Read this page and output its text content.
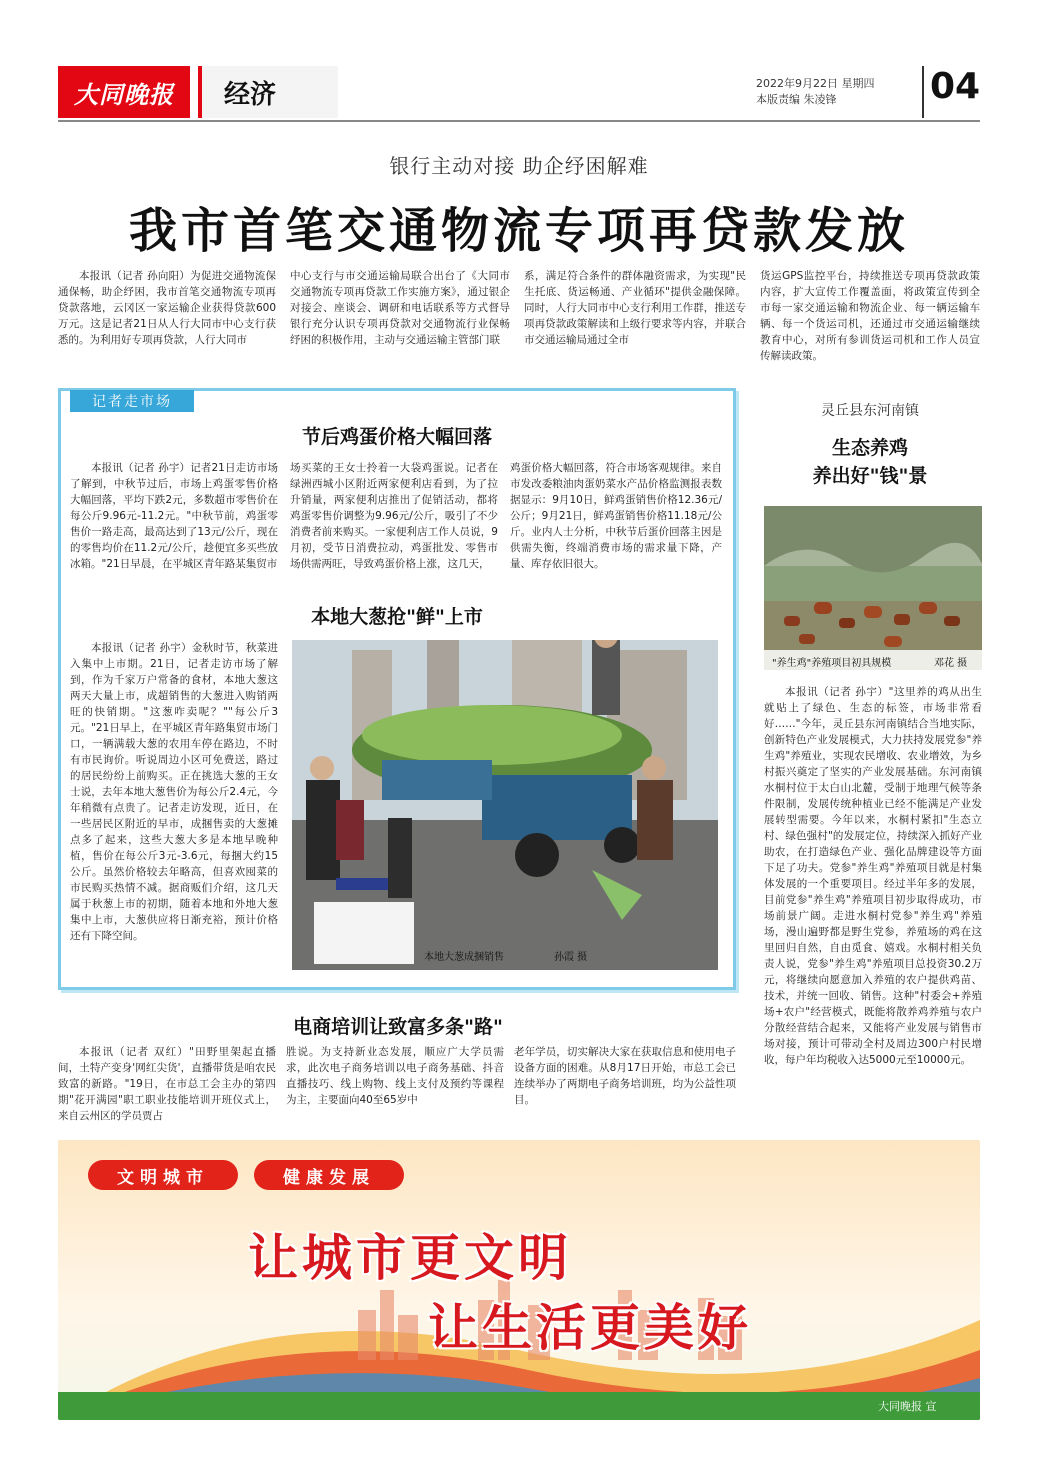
大同晚报	经济	2022年9月22日 星期四
本版责编 朱凌锋	04
银行主动对接 助企纾困解难
我市首笔交通物流专项再贷款发放

本报讯（记者 孙向阳）为促进交通物流保通保畅，助企纾困，我市首笔交通物流专项再贷款落地，云冈区一家运输企业获得贷款600万元。这是记者21日从人行大同市中心支行获悉的。为利用好专项再贷款，人行大同市

中心支行与市交通运输局联合出台了《大同市交通物流专项再贷款工作实施方案》，通过银企对接会、座谈会、调研和电话联系等方式督导银行充分认识专项再贷款对交通物流行业保畅纾困的积极作用，主动与交通运输主管部门联

系，满足符合条件的群体融资需求，为实现"民生托底、货运畅通、产业循环"提供金融保障。同时，人行大同市中心支行利用工作群，推送专项再贷款政策解读和上级行要求等内容，并联合市交通运输局通过全市

货运GPS监控平台，持续推送专项再贷款政策内容，扩大宣传工作覆盖面，将政策宣传到全市每一家交通运输和物流企业、每一辆运输车辆、每一个货运司机，还通过市交通运输继续教育中心，对所有参训货运司机和工作人员宣传解读政策。

记者走市场
节后鸡蛋价格大幅回落

本报讯（记者 孙宇）记者21日走访市场了解到，中秋节过后，市场上鸡蛋零售价格大幅回落，平均下跌2元，多数超市零售价在每公斤9.96元-11.2元。"中秋节前，鸡蛋零售价一路走高，最高达到了13元/公斤，现在的零售均价在11.2元/公斤，趁便宜多买些放冰箱。"21日早晨，在平城区青年路某集贸市

场买菜的王女士拎着一大袋鸡蛋说。记者在绿洲西城小区附近两家便利店看到，为了拉升销量，两家便利店推出了促销活动，都将鸡蛋零售价调整为9.96元/公斤，吸引了不少消费者前来购买。一家便利店工作人员说，9月初，受节日消费拉动，鸡蛋批发、零售市场供需两旺，导致鸡蛋价格上涨，这几天，

鸡蛋价格大幅回落，符合市场客观规律。来自市发改委粮油肉蛋奶菜水产品价格监测报表数据显示：9月10日，鲜鸡蛋销售价格12.36元/公斤；9月21日，鲜鸡蛋销售价格11.18元/公斤。业内人士分析，中秋节后蛋价回落主因是供需失衡，终端消费市场的需求量下降，产量、库存依旧很大。

本地大葱抢"鲜"上市

本报讯（记者 孙宇）金秋时节，秋菜进入集中上市期。21日，记者走访市场了解到，作为千家万户常备的食材，本地大葱这两天大量上市，成超销售的大葱进入购销两旺的快销期。"这葱咋卖呢？""每公斤3元。"21日早上，在平城区青年路集贸市场门口，一辆满载大葱的农用车停在路边，不时有市民询价。听说周边小区可免费送，路过的居民纷纷上前购买。正在挑选大葱的王女士说，去年本地大葱售价为每公斤2.4元，今年稍微有点贵了。记者走访发现，近日，在一些居民区附近的早市，成捆售卖的大葱摊点多了起来，这些大葱大多是本地早晚种植，售价在每公斤3元-3.6元，每捆大约15公斤。虽然价格较去年略高，但喜欢囤菜的市民购买热情不减。据商贩们介绍，这几天属于秋葱上市的初期，随着本地和外地大葱集中上市，大葱供应将日渐充裕，预计价格还有下降空间。

本地大葱成捆销售	孙霞 摄
灵丘县东河南镇
生态养鸡
养出好"钱"景
"养生鸡"养殖项目初具规模	邓花 摄

本报讯（记者 孙宇）"这里养的鸡从出生就贴上了绿色、生态的标签，市场非常看好……"今年，灵丘县东河南镇结合当地实际，创新特色产业发展模式，大力扶持发展党参"养生鸡"养殖业，实现农民增收、农业增效，为乡村振兴奠定了坚实的产业发展基础。东河南镇水桐村位于太白山北麓，受制于地理气候等条件限制，发展传统种植业已经不能满足产业发展转型需要。今年以来，水桐村紧扣"生态立村、绿色强村"的发展定位，持续深入抓好产业助农，在打造绿色产业、强化品牌建设等方面下足了功夫。党参"养生鸡"养殖项目就是村集体发展的一个重要项目。经过半年多的发展，目前党参"养生鸡"养殖项目初步取得成功，市场前景广阔。走进水桐村党参"养生鸡"养殖场，漫山遍野都是野生党参，养殖场的鸡在这里回归自然，自由觅食、嬉戏。水桐村相关负责人说，党参"养生鸡"养殖项目总投资30.2万元，将继续向愿意加入养殖的农户提供鸡苗、技术，并统一回收、销售。这种"村委会+养殖场+农户"经营模式，既能将散养鸡养殖与农户分散经营结合起来，又能将产业发展与销售市场对接，预计可带动全村及周边300户村民增收，每户年均税收入达5000元至10000元。

电商培训让致富多条"路"

本报讯（记者 双红）"田野里架起直播间，土特产变身'网红尖货'，直播带货是咱农民致富的新路。"19日，在市总工会主办的第四期"花开满园"职工职业技能培训开班仪式上，来自云州区的学员贾占

胜说。为支持新业态发展，顺应广大学员需求，此次电子商务培训以电子商务基础、抖音直播技巧、线上购物、线上支付及预约等课程为主，主要面向40至65岁中

老年学员，切实解决大家在获取信息和使用电子设备方面的困难。从8月17日开始，市总工会已连续举办了两期电子商务培训班，均为公益性项目。

文明城市	健康发展
让城市更文明
让生活更美好
大同晚报 宣
